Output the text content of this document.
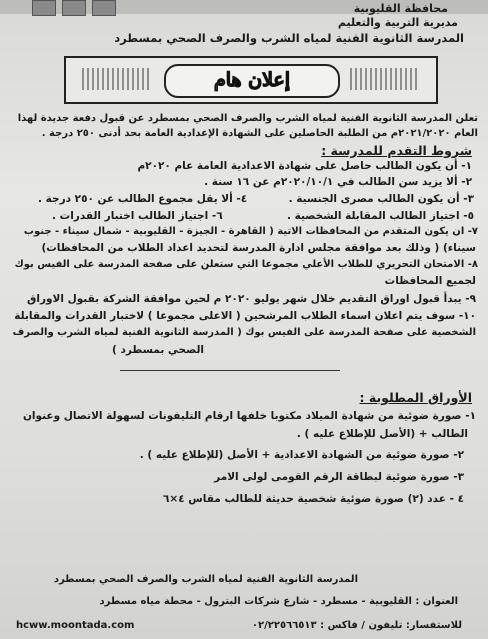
محافظة القليوبية
مديرية التربية والتعليم
المدرسة الثانوية الفنية لمياه الشرب والصرف الصحي بمسطرد
إعلان هام
تعلن المدرسة الثانوية الفنية لمياه الشرب والصرف الصحي بمسطرد عن قبول دفعة جديدة لهذا
العام ٢٠٢١/٢٠٢٠م من الطلبة الحاصلين على الشهادة الإعدادية العامة بحد أدنى ٢٥٠ درجة .
شروط التقدم للمدرسة :
١- أن يكون الطالب حاصل على شهادة الاعدادية العامة عام ٢٠٢٠م
٢- ألا يزيد سن الطالب في ٢٠٢٠/١٠/١م عن ١٦ سنة .
٣- أن يكون الطالب مصرى الجنسية .
٤- ألا يقل مجموع الطالب عن ٢٥٠ درجة .
٥- اجتياز الطالب المقابلة الشخصية .
٦- اجتياز الطالب اختبار القدرات .
٧- ان يكون المتقدم من المحافظات الاتية ( القاهرة - الجيزة - القليوبية - شمال سيناء - جنوب
سيناء) ( وذلك بعد موافقة مجلس ادارة المدرسة لتحديد اعداد الطلاب من المحافظات)
٨- الامتحان التحريري للطلاب الأعلي مجموعا التي ستعلن على صفحة المدرسة على الفيس بوك
لجميع المحافظات
٩- يبدأ قبول اوراق التقديم خلال شهر يوليو ٢٠٢٠ م لحين موافقة الشركة بقبول الاوراق
١٠- سوف يتم اعلان اسماء الطلاب المرشحين ( الاعلى مجموعا ) لاختبار القدرات والمقابلة
الشخصية على صفحة المدرسة على الفيس بوك ( المدرسة الثانوية الفنية لمياه الشرب والصرف
الصحي بمسطرد )
الأوراق المطلوبة :
١- صورة ضوئية من شهادة الميلاد مكتوبا خلفها ارقام التليفونات لسهولة الاتصال وعنوان
الطالب + (الأصل للإطلاع عليه ) .
٢- صورة ضوئية من الشهادة الاعدادية + الأصل (للإطلاع عليه ) .
٣- صورة ضوئية لبطاقة الرقم القومى لولى الامر
٤ - عدد (٢) صورة ضوئية شخصية حديثة للطالب مقاس ٤×٦
المدرسة الثانوية الفنية لمياه الشرب والصرف الصحي بمسطرد
العنوان : القليوبية - مسطرد - شارع شركات البترول - محطة مياه مسطرد
للاستفسار: تليفون / فاكس : ٠٢/٢٢٥٦٦٥١٣
hcww.moontada.com
